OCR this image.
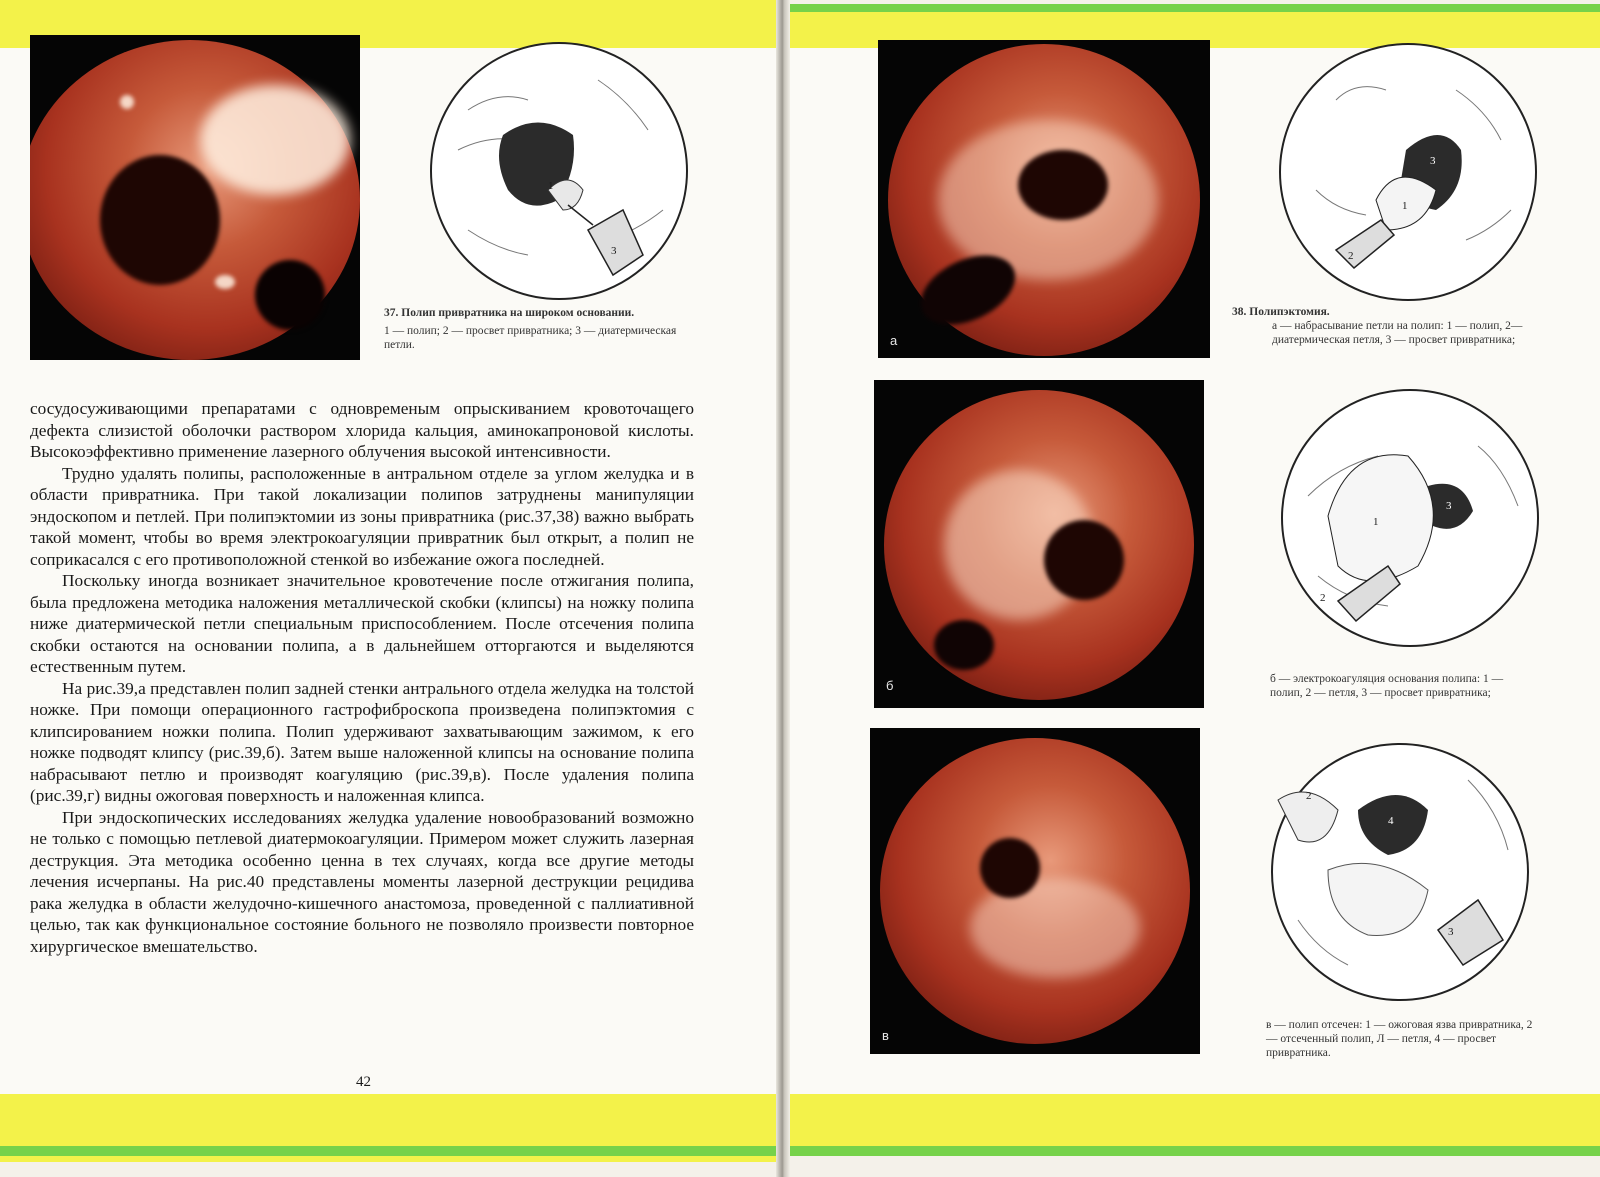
2
1
3
37. Полип привратника на широком основании.
1 — полип; 2 — просвет привратника; 3 — диатермическая петли.

сосудосуживающими препаратами с одновременым опрыскиванием кровоточащего дефекта слизистой оболочки раствором хлорида кальция, аминокапроновой кислоты. Высокоэффективно применение лазерного облучения высокой интенсивности.

Трудно удалять полипы, расположенные в антральном отделе за углом желудка и в области привратника. При такой локализации полипов затруднены манипуляции эндоскопом и петлей. При полипэктомии из зоны привратника (рис.37,38) важно выбрать такой момент, чтобы во время электрокоагуляции привратник был открыт, а полип не соприкасался с его противоположной стенкой во избежание ожога последней.

Поскольку иногда возникает значительное кровотечение после отжигания полипа, была предложена методика наложения металлической скобки (клипсы) на ножку полипа ниже диатермической петли специальным приспособлением. После отсечения полипа скобки остаются на основании полипа, а в дальнейшем отторгаются и выделяются естественным путем.

На рис.39,а представлен полип задней стенки антрального отдела желудка на толстой ножке. При помощи операционного гастрофиброскопа произведена полипэктомия с клипсированием ножки полипа. Полип удерживают захватывающим зажимом, к его ножке подводят клипсу (рис.39,б). Затем выше наложенной клипсы на основание полипа набрасывают петлю и производят коагуляцию (рис.39,в). После удаления полипа (рис.39,г) видны ожоговая поверхность и наложенная клипса.

При эндоскопических исследованиях желудка удаление новообразований возможно не только с помощью петлевой диатермокоагуляции. Примером может служить лазерная деструкция. Эта методика особенно ценна в тех случаях, когда все другие методы лечения исчерпаны. На рис.40 представлены моменты лазерной деструкции рецидива рака желудка в области желудочно-кишечного анастомоза, проведенной с паллиативной целью, так как функциональное состояние больного не позволяло произвести повторное хирургическое вмешательство.

42
а
б
в
3
1
2
38. Полипэктомия.
а — набрасывание петли на полип: 1 — полип, 2— диатермическая петля, 3 — просвет привратника;
1
3
2
б — электрокоагуляция основания полипа: 1 — полип, 2 — петля, 3 — просвет привратника;
2
4
3
в — полип отсечен: 1 — ожоговая язва привратника, 2 — отсеченный полип, Л — петля, 4 — просвет привратника.
